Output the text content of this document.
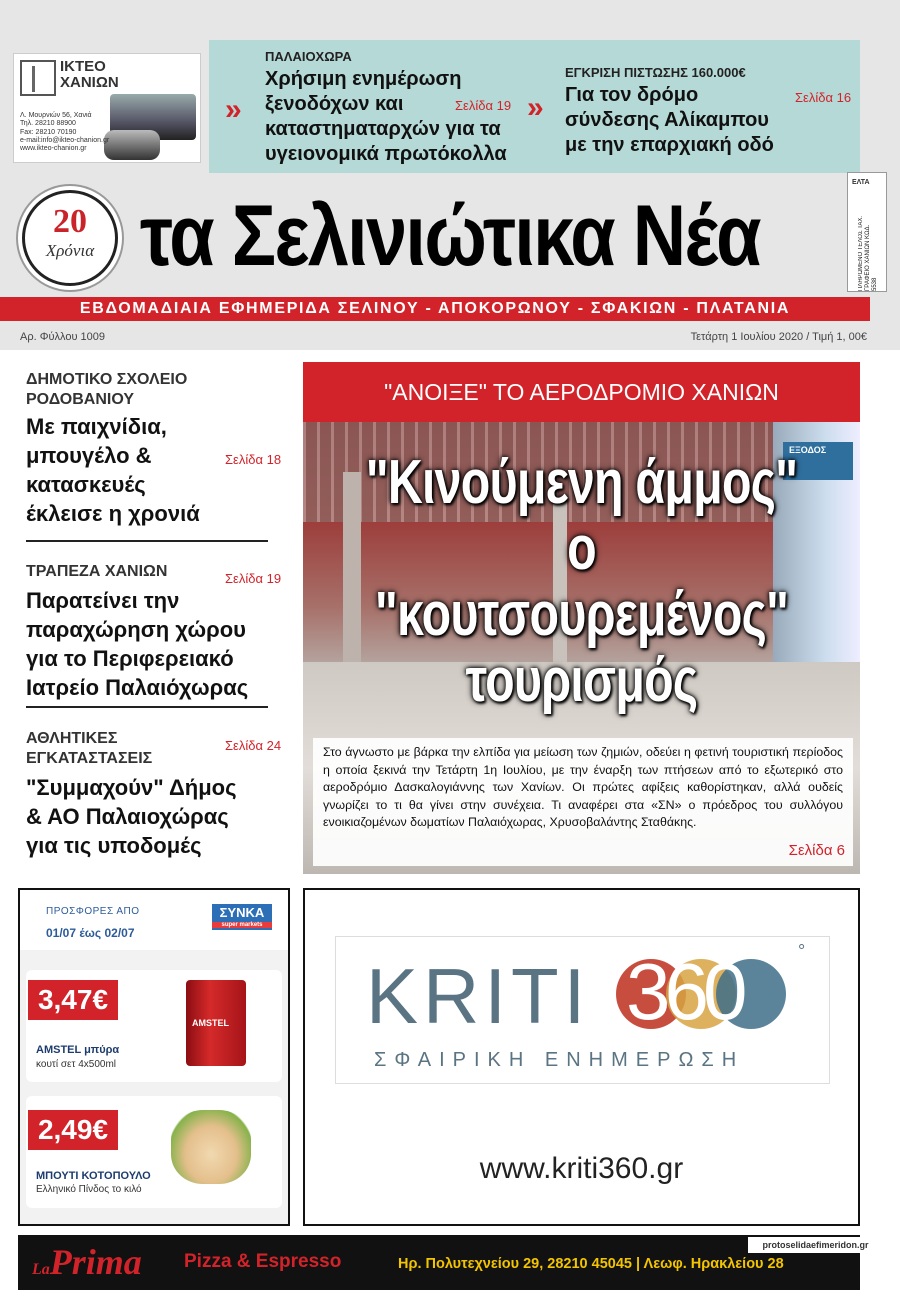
ΙΚΤΕΟ
ΧΑΝΙΩΝ
Λ. Μουρνιών 56, Χανιά
Τηλ. 28210 88900
Fax: 28210 70190
e-mail:info@ikteo-chanion.gr
www.ikteo-chanion.gr
»
ΠΑΛΑΙΟΧΩΡΑ
Χρήσιμη ενημέρωση
ξενοδόχων και
καταστηματαρχών για τα
υγειονομικά πρωτόκολλα
Σελίδα 19 »
ΕΓΚΡΙΣΗ ΠΙΣΤΩΣΗΣ 160.000€
Για τον δρόμο
σύνδεσης Αλίκαμπου
με την επαρχιακή οδό
Σελίδα 16
20
Χρόνια τα Σελινιώτικα Νέα
ΕΛΤΑ
ΠΛΗΡΩΜΕΝΟ ΤΕΛΟΣ ΤΑΧ. ΓΡΑΦΕΙΟ ΧΑΝΙΩΝ ΚΩΔ. 5538
ΕΒΔΟΜΑΔΙΑΙΑ ΕΦΗΜΕΡΙΔΑ ΣΕΛΙΝΟΥ - ΑΠΟΚΟΡΩΝΟΥ - ΣΦΑΚΙΩΝ - ΠΛΑΤΑΝΙΑ
Αρ. Φύλλου 1009	Τετάρτη 1 Ιουλίου 2020 / Τιμή 1, 00€
ΔΗΜΟΤΙΚΟ ΣΧΟΛΕΙΟ
ΡΟΔΟΒΑΝΙΟΥ
Με παιχνίδια,
μπουγέλο &
κατασκευές
έκλεισε η χρονιά
Σελίδα 18
ΤΡΑΠΕΖΑ ΧΑΝΙΩΝ
Παρατείνει την
παραχώρηση χώρου
για το Περιφερειακό
Ιατρείο Παλαιόχωρας
Σελίδα 19
ΑΘΛΗΤΙΚΕΣ
ΕΓΚΑΤΑΣΤΑΣΕΙΣ
"Συμμαχούν" Δήμος
& ΑΟ Παλαιοχώρας
για τις υποδομές
Σελίδα 24
ΕΞΟΔΟΣ
"ΑΝΟΙΞΕ" ΤΟ ΑΕΡΟΔΡΟΜΙΟ ΧΑΝΙΩΝ
"Κινούμενη άμμος"
ο "κουτσουρεμένος"
τουρισμός
Στο άγνωστο με βάρκα την ελπίδα για μείωση των ζημιών, οδεύει η φετινή τουριστική περίοδος η οποία ξεκινά την Τετάρτη 1η Ιουλίου, με την έναρξη των πτήσεων από το εξωτερικό στο αεροδρόμιο Δασκαλογιάννης των Χανίων. Οι πρώτες αφίξεις καθορίστηκαν, αλλά ουδείς γνωρίζει το τι θα γίνει στην συνέχεια. Τι αναφέρει στα «ΣΝ» ο πρόεδρος του συλλόγου ενοικιαζομένων δωματίων Παλαιόχωρας, Χρυσοβαλάντης Σταθάκης.
Σελίδα 6
ΠΡΟΣΦΟΡΕΣ ΑΠΟ
01/07 έως 02/07
ΣΥΝΚΑ
super markets
3,47€
AMSTEL μπύρα
κουτί σετ 4x500ml
AMSTEL
2,49€
ΜΠΟΥΤΙ ΚΟΤΟΠΟΥΛΟ
Ελληνικό Πίνδος το κιλό
KRITI 360	°
ΣΦΑΙΡΙΚΗ ΕΝΗΜΕΡΩΣΗ
www.kriti360.gr
LaPrima Pizza & Espresso	Ηρ. Πολυτεχνείου 29, 28210 45045 | Λεωφ. Ηρακλείου 28
protoselidaefimeridon.gr
